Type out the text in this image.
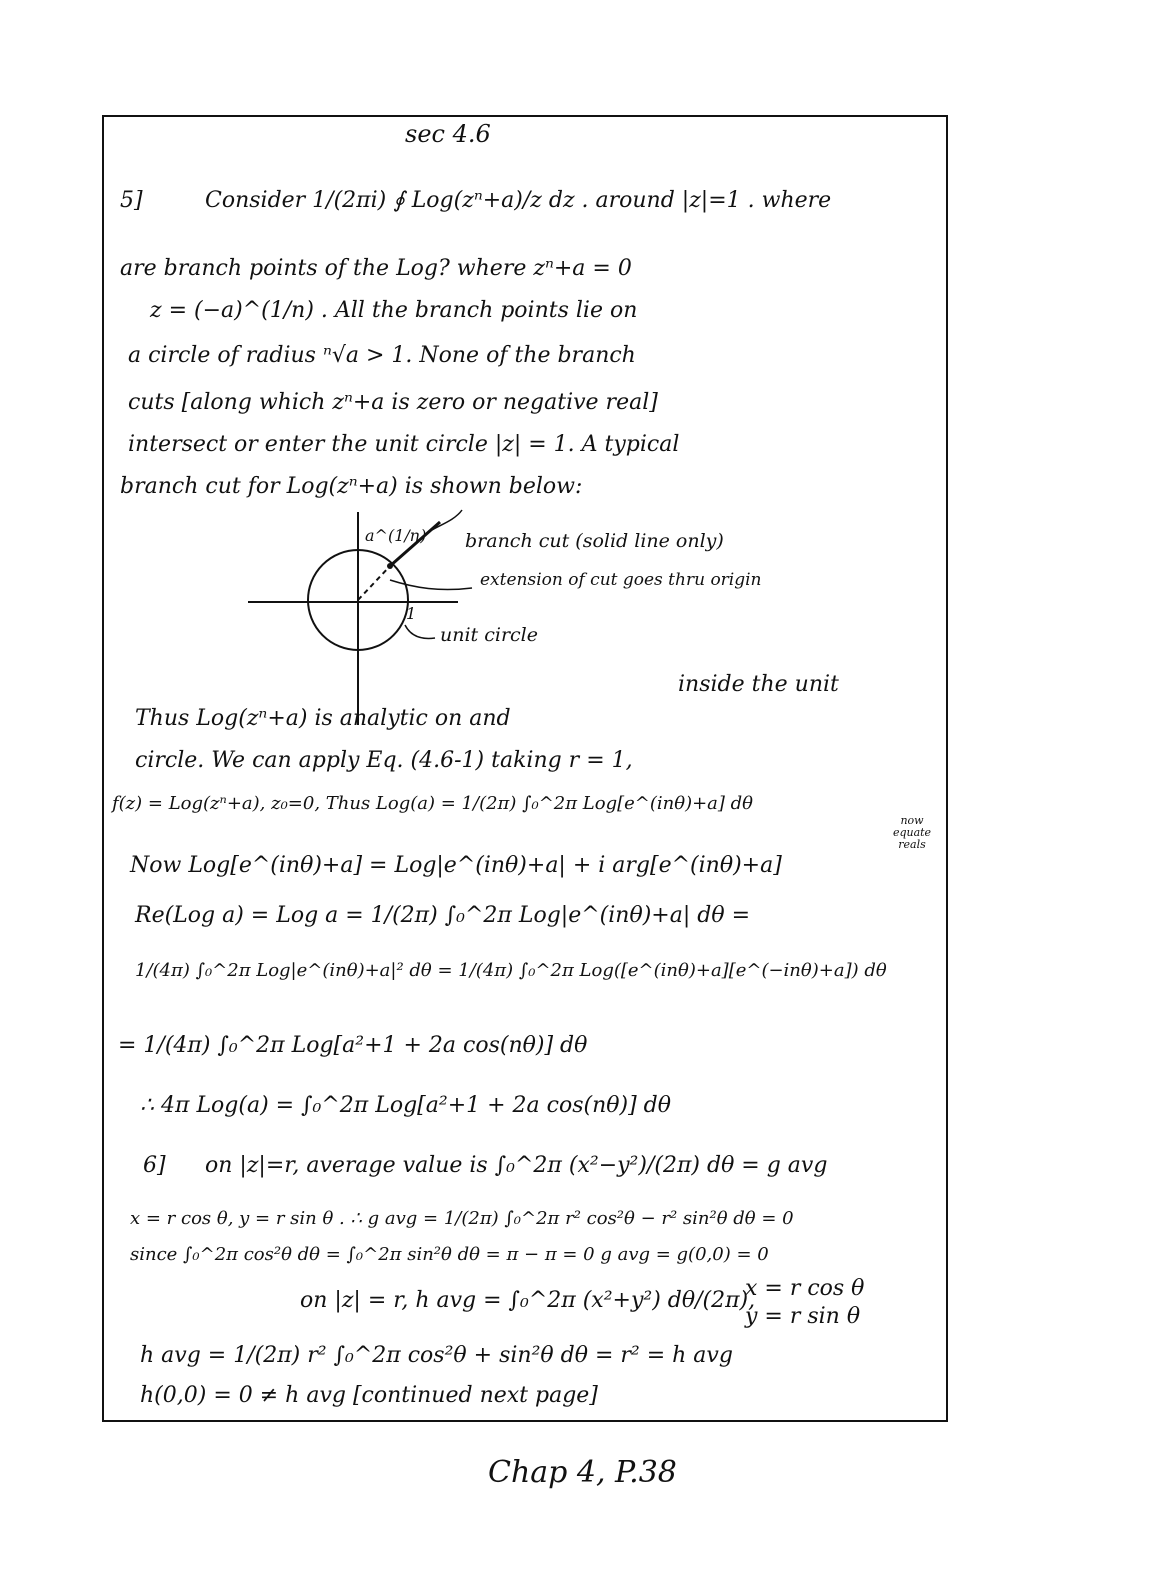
sec 4.6
5]	Consider 1/(2πi) ∮ Log(zⁿ+a)/z dz . around |z|=1 . where
are branch points of the Log? where zⁿ+a = 0
z = (−a)^(1/n) . All the branch points lie on
a circle of radius ⁿ√a > 1. None of the branch
cuts [along which zⁿ+a is zero or negative real]
intersect or enter the unit circle |z| = 1. A typical
branch cut for Log(zⁿ+a) is shown below:
a^(1/n) branch cut (solid line only)
extension of cut goes thru origin
1
unit circle
inside the unit
Thus Log(zⁿ+a) is analytic on and
circle. We can apply Eq. (4.6-1) taking r = 1,
f(z) = Log(zⁿ+a), z₀=0, Thus Log(a) = 1/(2π) ∫₀^2π Log[e^(inθ)+a] dθ
now equate reals
Now Log[e^(inθ)+a] = Log|e^(inθ)+a| + i arg[e^(inθ)+a]
Re(Log a) = Log a = 1/(2π) ∫₀^2π Log|e^(inθ)+a| dθ =
1/(4π) ∫₀^2π Log|e^(inθ)+a|² dθ = 1/(4π) ∫₀^2π Log([e^(inθ)+a][e^(−inθ)+a]) dθ
= 1/(4π) ∫₀^2π Log[a²+1 + 2a cos(nθ)] dθ
∴ 4π Log(a) = ∫₀^2π Log[a²+1 + 2a cos(nθ)] dθ
6] on |z|=r, average value is ∫₀^2π (x²−y²)/(2π) dθ = g avg
x = r cos θ, y = r sin θ . ∴ g avg = 1/(2π) ∫₀^2π r² cos²θ − r² sin²θ dθ = 0
since ∫₀^2π cos²θ dθ = ∫₀^2π sin²θ dθ = π − π = 0 g avg = g(0,0) = 0
on |z| = r, h avg = ∫₀^2π (x²+y²) dθ/(2π),
x = r cos θ
y = r sin θ
h avg = 1/(2π) r² ∫₀^2π cos²θ + sin²θ dθ = r² = h avg
h(0,0) = 0 ≠ h avg [continued next page]
Chap 4, P.38
